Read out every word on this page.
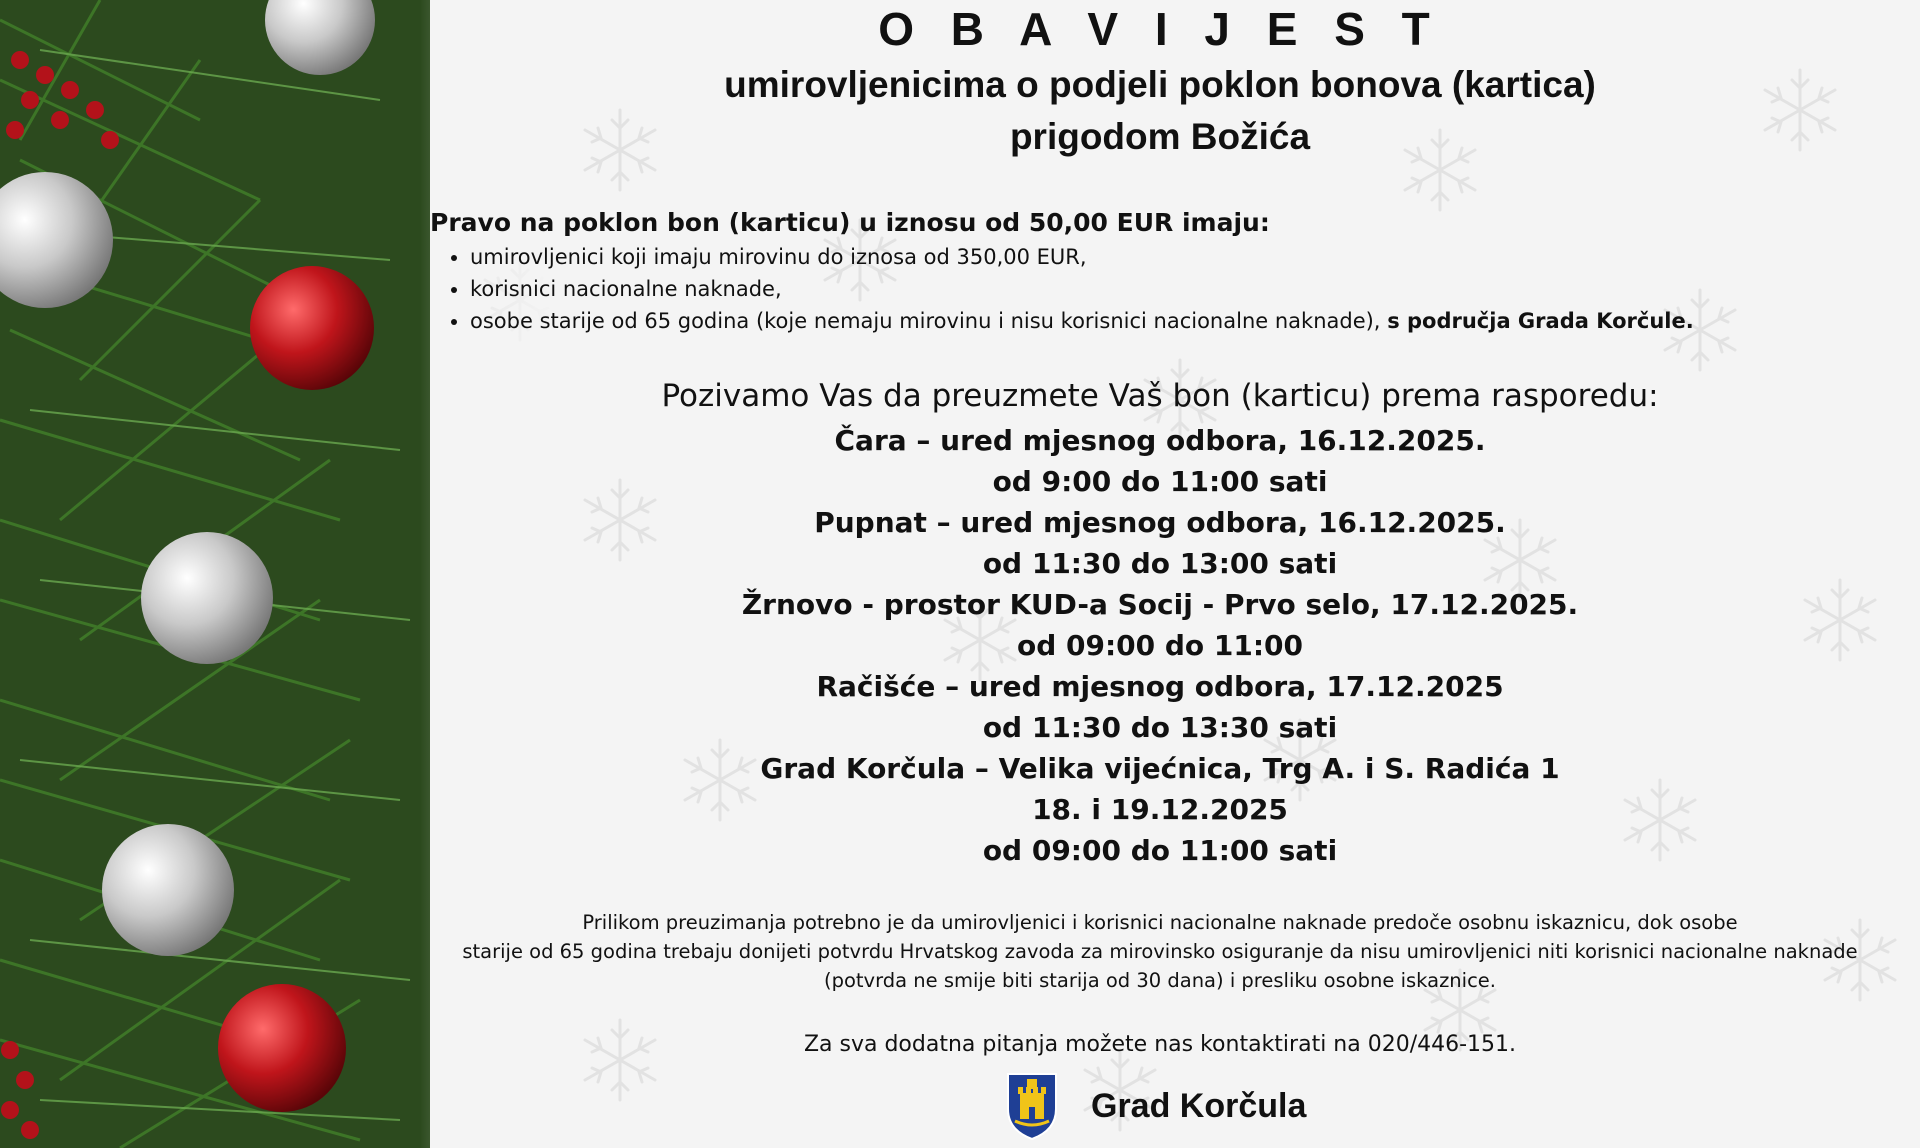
O B A V I J E S T
umirovljenicima o podjeli poklon bonova (kartica)
prigodom Božića
Pravo na poklon bon (karticu) u iznosu od 50,00 EUR imaju:
• umirovljenici koji imaju mirovinu do iznosa od 350,00 EUR,
• korisnici nacionalne naknade,
• osobe starije od 65 godina (koje nemaju mirovinu i nisu korisnici nacionalne naknade), s područja Grada Korčule.
Pozivamo Vas da preuzmete Vaš bon (karticu) prema rasporedu:
Čara – ured mjesnog odbora, 16.12.2025.
od 9:00 do 11:00 sati
Pupnat – ured mjesnog odbora, 16.12.2025.
od 11:30 do 13:00 sati
Žrnovo - prostor KUD-a Socij - Prvo selo, 17.12.2025.
od 09:00 do 11:00
Račišće – ured mjesnog odbora, 17.12.2025
od 11:30 do 13:30 sati
Grad Korčula – Velika vijećnica, Trg A. i S. Radića 1
18. i 19.12.2025
od 09:00 do 11:00 sati
Prilikom preuzimanja potrebno je da umirovljenici i korisnici nacionalne naknade predoče osobnu iskaznicu, dok osobe
starije od 65 godina trebaju donijeti potvrdu Hrvatskog zavoda za mirovinsko osiguranje da nisu umirovljenici niti korisnici nacionalne naknade
(potvrda ne smije biti starija od 30 dana) i presliku osobne iskaznice.
Za sva dodatna pitanja možete nas kontaktirati na 020/446-151.
Grad Korčula
